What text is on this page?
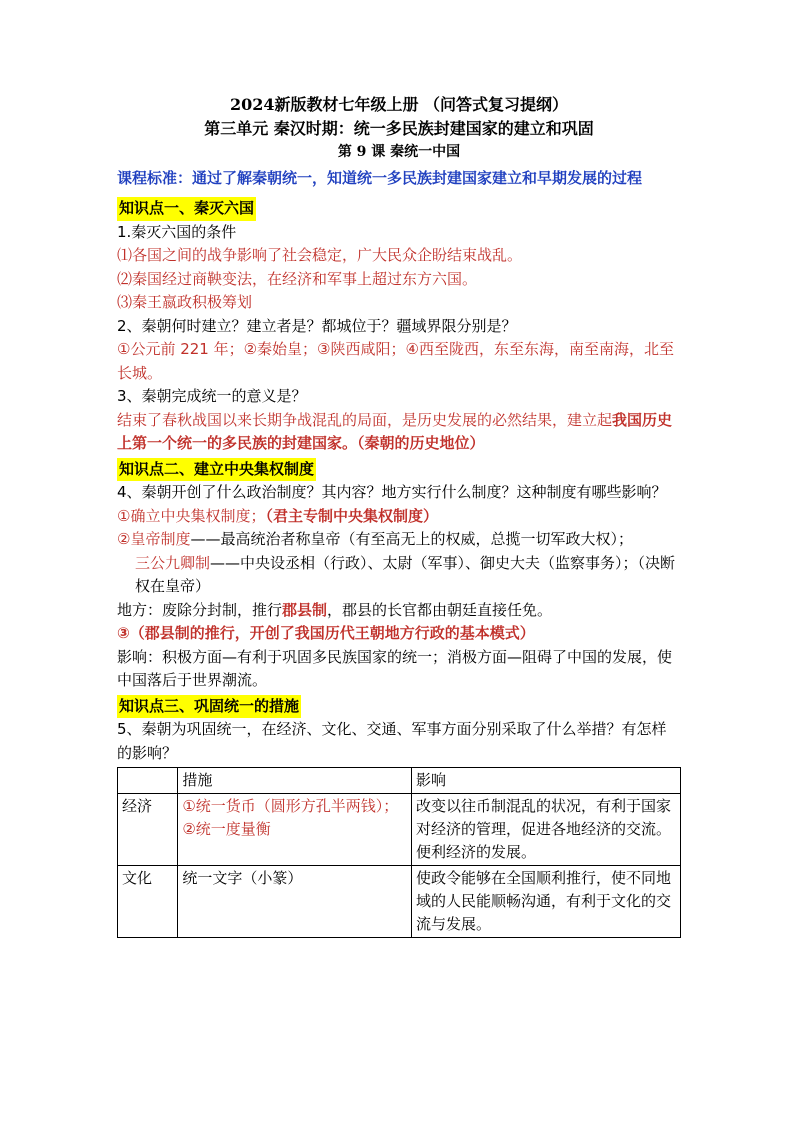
2024新版教材七年级上册 （问答式复习提纲）

第三单元 秦汉时期：统一多民族封建国家的建立和巩固

第 9 课 秦统一中国

课程标准：通过了解秦朝统一，知道统一多民族封建国家建立和早期发展的过程

知识点一、秦灭六国

1.秦灭六国的条件

⑴各国之间的战争影响了社会稳定，广大民众企盼结束战乱。

⑵秦国经过商鞅变法，在经济和军事上超过东方六国。

⑶秦王嬴政积极筹划

2、秦朝何时建立？建立者是？都城位于？疆域界限分别是？

①公元前 221 年；②秦始皇；③陕西咸阳；④西至陇西，东至东海，南至南海，北至长城。

3、秦朝完成统一的意义是？

结束了春秋战国以来长期争战混乱的局面，是历史发展的必然结果，建立起我国历史上第一个统一的多民族的封建国家。（秦朝的历史地位）

知识点二、建立中央集权制度

4、秦朝开创了什么政治制度？其内容？地方实行什么制度？这种制度有哪些影响？

①确立中央集权制度；（君主专制中央集权制度）

②皇帝制度——最高统治者称皇帝（有至高无上的权威，总揽一切军政大权）；

三公九卿制——中央设丞相（行政）、太尉（军事）、御史大夫（监察事务）；（决断权在皇帝）

地方：废除分封制，推行郡县制，郡县的长官都由朝廷直接任免。

③（郡县制的推行，开创了我国历代王朝地方行政的基本模式）

影响：积极方面—有利于巩固多民族国家的统一；消极方面—阻碍了中国的发展，使中国落后于世界潮流。

知识点三、巩固统一的措施

5、秦朝为巩固统一，在经济、文化、交通、军事方面分别采取了什么举措？有怎样的影响？

	措施	影响
经济	①统一货币（圆形方孔半两钱）；
②统一度量衡	改变以往币制混乱的状况，有利于国家对经济的管理，促进各地经济的交流。便利经济的发展。
文化	统一文字（小篆）	使政令能够在全国顺利推行，使不同地域的人民能顺畅沟通，有利于文化的交流与发展。
